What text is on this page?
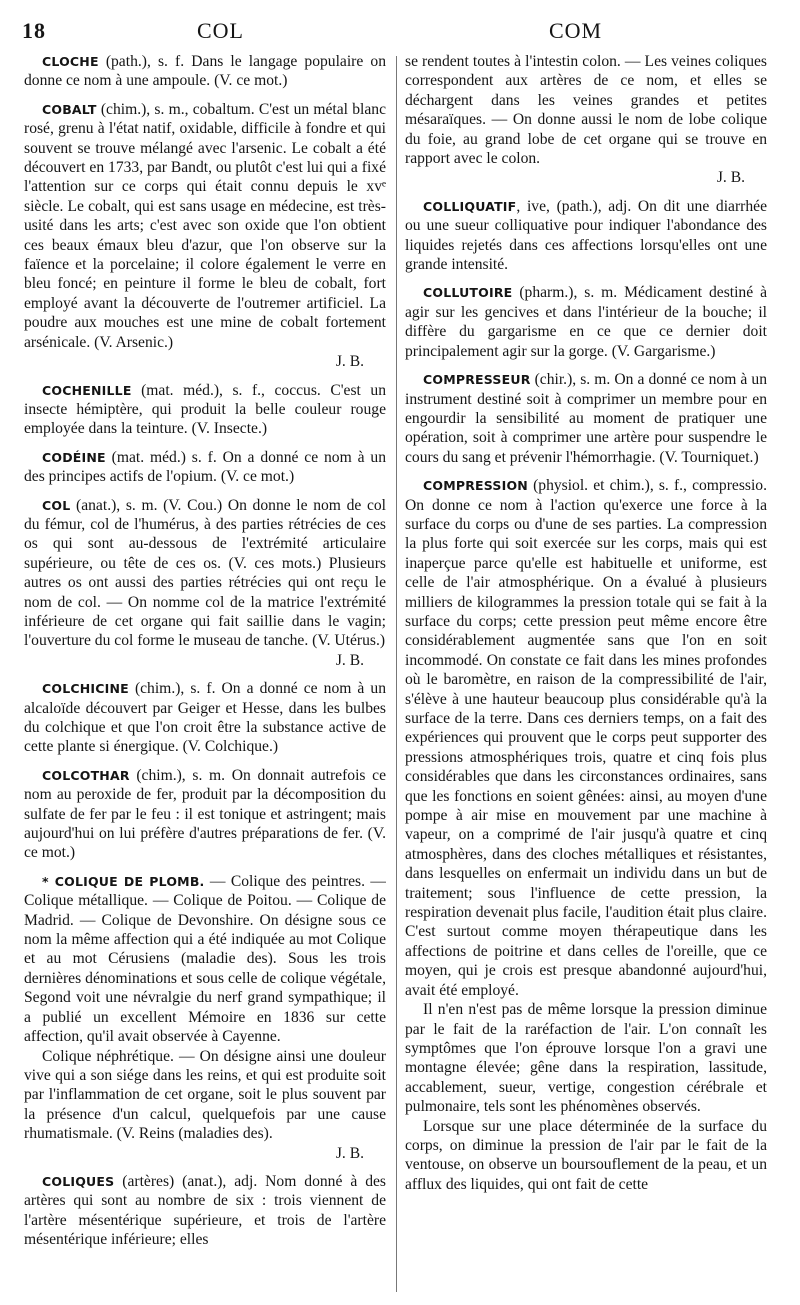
18	COL	COM

CLOCHE (path.), s. f. Dans le langage populaire on donne ce nom à une ampoule. (V. ce mot.)

COBALT (chim.), s. m., cobaltum. C'est un métal blanc rosé, grenu à l'état natif, oxidable, difficile à fondre et qui souvent se trouve mélangé avec l'arsenic. Le cobalt a été découvert en 1733, par Bandt, ou plutôt c'est lui qui a fixé l'attention sur ce corps qui était connu depuis le xvᵉ siècle. Le cobalt, qui est sans usage en médecine, est très-usité dans les arts; c'est avec son oxide que l'on obtient ces beaux émaux bleu d'azur, que l'on observe sur la faïence et la porcelaine; il colore également le verre en bleu foncé; en peinture il forme le bleu de cobalt, fort employé avant la découverte de l'outremer artificiel. La poudre aux mouches est une mine de cobalt fortement arsénicale. (V. Arsenic.)
J. B.

COCHENILLE (mat. méd.), s. f., coccus. C'est un insecte hémiptère, qui produit la belle couleur rouge employée dans la teinture. (V. Insecte.)

CODÉINE (mat. méd.) s. f. On a donné ce nom à un des principes actifs de l'opium. (V. ce mot.)

COL (anat.), s. m. (V. Cou.) On donne le nom de col du fémur, col de l'humérus, à des parties rétrécies de ces os qui sont au-dessous de l'extrémité articulaire supérieure, ou tête de ces os. (V. ces mots.) Plusieurs autres os ont aussi des parties rétrécies qui ont reçu le nom de col. — On nomme col de la matrice l'extrémité inférieure de cet organe qui fait saillie dans le vagin; l'ouverture du col forme le museau de tanche. (V. Utérus.)
J. B.

COLCHICINE (chim.), s. f. On a donné ce nom à un alcaloïde découvert par Geiger et Hesse, dans les bulbes du colchique et que l'on croit être la substance active de cette plante si énergique. (V. Colchique.)

COLCOTHAR (chim.), s. m. On donnait autrefois ce nom au peroxide de fer, produit par la décomposition du sulfate de fer par le feu : il est tonique et astringent; mais aujourd'hui on lui préfère d'autres préparations de fer. (V. ce mot.)

* COLIQUE DE PLOMB. — Colique des peintres. — Colique métallique. — Colique de Poitou. — Colique de Madrid. — Colique de Devonshire. On désigne sous ce nom la même affection qui a été indiquée au mot Colique et au mot Cérusiens (maladie des). Sous les trois dernières dénominations et sous celle de colique végétale, Segond voit une névralgie du nerf grand sympathique; il a publié un excellent Mémoire en 1836 sur cette affection, qu'il avait observée à Cayenne.

Colique néphrétique. — On désigne ainsi une douleur vive qui a son siége dans les reins, et qui est produite soit par l'inflammation de cet organe, soit le plus souvent par la présence d'un calcul, quelquefois par une cause rhumatismale. (V. Reins (maladies des).
J. B.

COLIQUES (artères) (anat.), adj. Nom donné à des artères qui sont au nombre de six : trois viennent de l'artère mésentérique supérieure, et trois de l'artère mésentérique inférieure; elles

se rendent toutes à l'intestin colon. — Les veines coliques correspondent aux artères de ce nom, et elles se déchargent dans les veines grandes et petites mésaraïques. — On donne aussi le nom de lobe colique du foie, au grand lobe de cet organe qui se trouve en rapport avec le colon.
J. B.

COLLIQUATIF, ive, (path.), adj. On dit une diarrhée ou une sueur colliquative pour indiquer l'abondance des liquides rejetés dans ces affections lorsqu'elles ont une grande intensité.

COLLUTOIRE (pharm.), s. m. Médicament destiné à agir sur les gencives et dans l'intérieur de la bouche; il diffère du gargarisme en ce que ce dernier doit principalement agir sur la gorge. (V. Gargarisme.)

COMPRESSEUR (chir.), s. m. On a donné ce nom à un instrument destiné soit à comprimer un membre pour en engourdir la sensibilité au moment de pratiquer une opération, soit à comprimer une artère pour suspendre le cours du sang et prévenir l'hémorrhagie. (V. Tourniquet.)

COMPRESSION (physiol. et chim.), s. f., compressio. On donne ce nom à l'action qu'exerce une force à la surface du corps ou d'une de ses parties. La compression la plus forte qui soit exercée sur les corps, mais qui est inaperçue parce qu'elle est habituelle et uniforme, est celle de l'air atmosphérique. On a évalué à plusieurs milliers de kilogrammes la pression totale qui se fait à la surface du corps; cette pression peut même encore être considérablement augmentée sans que l'on en soit incommodé. On constate ce fait dans les mines profondes où le baromètre, en raison de la compressibilité de l'air, s'élève à une hauteur beaucoup plus considérable qu'à la surface de la terre. Dans ces derniers temps, on a fait des expériences qui prouvent que le corps peut supporter des pressions atmosphériques trois, quatre et cinq fois plus considérables que dans les circonstances ordinaires, sans que les fonctions en soient gênées: ainsi, au moyen d'une pompe à air mise en mouvement par une machine à vapeur, on a comprimé de l'air jusqu'à quatre et cinq atmosphères, dans des cloches métalliques et résistantes, dans lesquelles on enfermait un individu dans un but de traitement; sous l'influence de cette pression, la respiration devenait plus facile, l'audition était plus claire. C'est surtout comme moyen thérapeutique dans les affections de poitrine et dans celles de l'oreille, que ce moyen, qui je crois est presque abandonné aujourd'hui, avait été employé.

Il n'en n'est pas de même lorsque la pression diminue par le fait de la raréfaction de l'air. L'on connaît les symptômes que l'on éprouve lorsque l'on a gravi une montagne élevée; gêne dans la respiration, lassitude, accablement, sueur, vertige, congestion cérébrale et pulmonaire, tels sont les phénomènes observés.

Lorsque sur une place déterminée de la surface du corps, on diminue la pression de l'air par le fait de la ventouse, on observe un boursouflement de la peau, et un afflux des liquides, qui ont fait de cette
